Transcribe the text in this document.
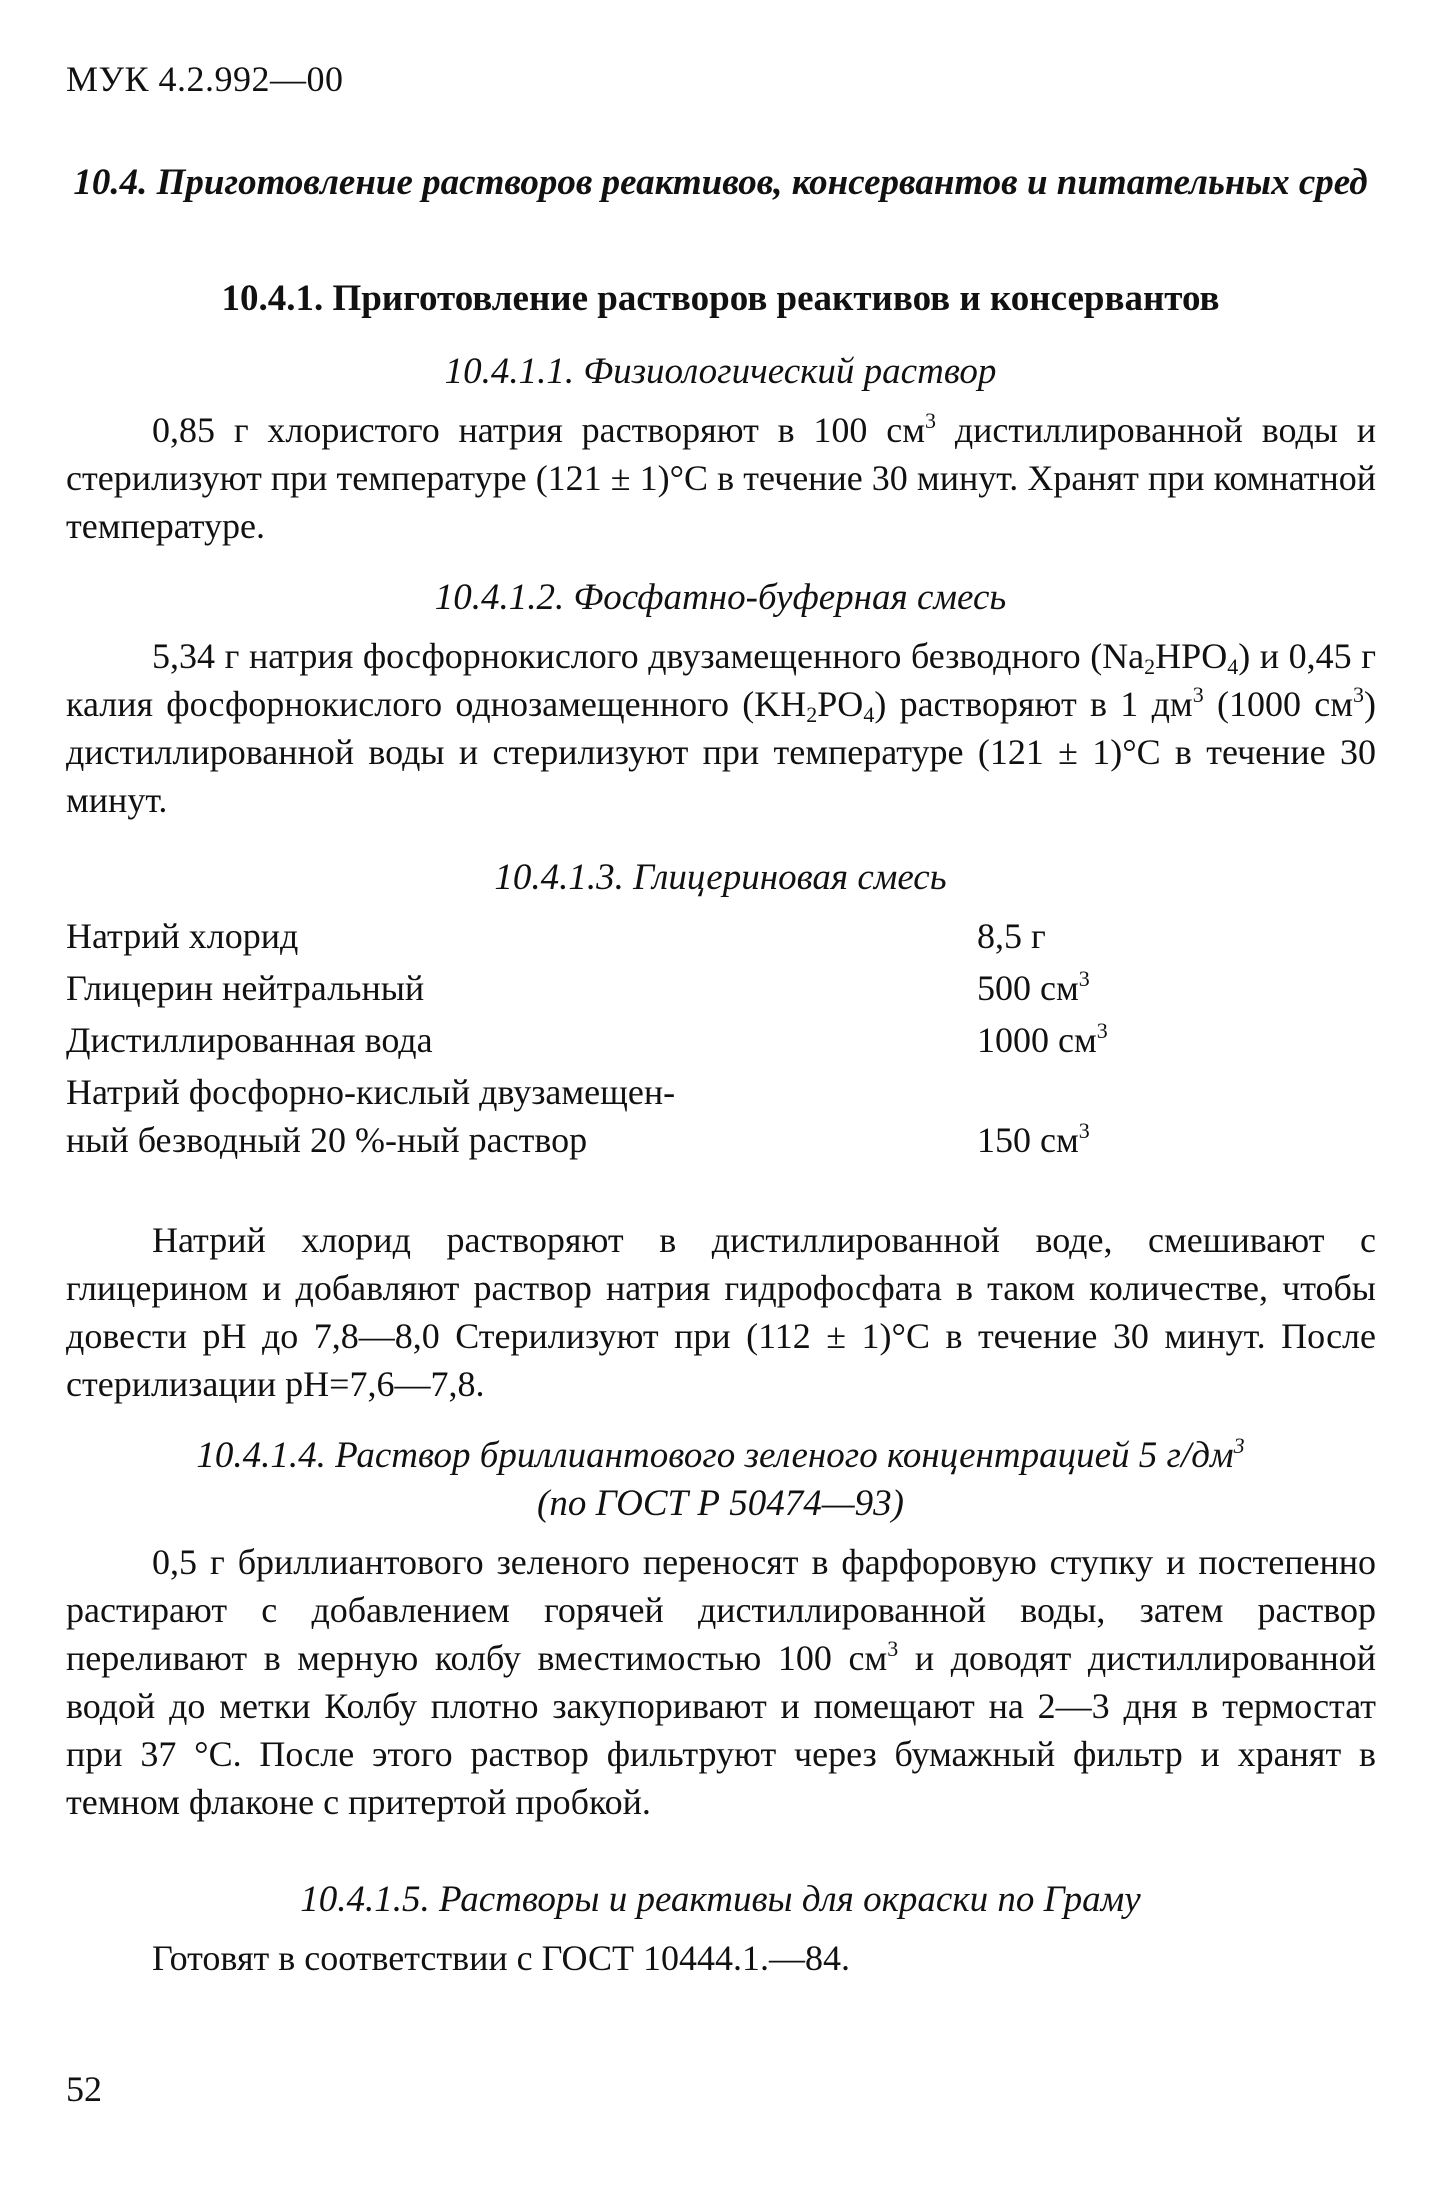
МУК 4.2.992—00
10.4. Приготовление растворов реактивов, консервантов и питательных сред
10.4.1. Приготовление растворов реактивов и консервантов
10.4.1.1. Физиологический раствор
0,85 г хлористого натрия растворяют в 100 $см^3$ дистиллированной воды и стерилизуют при температуре (121 ± 1)°С в течение 30 минут. Хранят при комнатной температуре.
10.4.1.2. Фосфатно-буферная смесь
5,34 г натрия фосфорнокислого двузамещенного безводного $(Na_2HPO_4)$ и 0,45 г калия фосфорнокислого однозамещенного $(KH_2PO_4)$ растворяют в 1 $дм^3$ (1000 $см^3$) дистиллированной воды и стерилизуют при температуре (121 ± 1)°С в течение 30 минут.
10.4.1.3. Глицериновая смесь
Натрий хлорид	8,5 г
Глицерин нейтральный	500 $см^3$
Дистиллированная вода	1000 $см^3$
Натрий фосфорно-кислый двузамещен-
ный безводный 20 %-ный раствор	150 $см^3$
Натрий хлорид растворяют в дистиллированной воде, смешивают с глицерином и добавляют раствор натрия гидрофосфата в таком количестве, чтобы довести pH до 7,8—8,0 Стерилизуют при (112 ± 1)°С в течение 30 минут. После стерилизации pH=7,6—7,8.
10.4.1.4. Раствор бриллиантового зеленого концентрацией 5 $г/дм^3$
(по ГОСТ Р 50474—93)
0,5 г бриллиантового зеленого переносят в фарфоровую ступку и постепенно растирают с добавлением горячей дистиллированной воды, затем раствор переливают в мерную колбу вместимостью 100 $см^3$ и доводят дистиллированной водой до метки Колбу плотно закупоривают и помещают на 2—3 дня в термостат при 37 °С. После этого раствор фильтруют через бумажный фильтр и хранят в темном флаконе с притертой пробкой.
10.4.1.5. Растворы и реактивы для окраски по Граму
Готовят в соответствии с ГОСТ 10444.1.—84.
52
